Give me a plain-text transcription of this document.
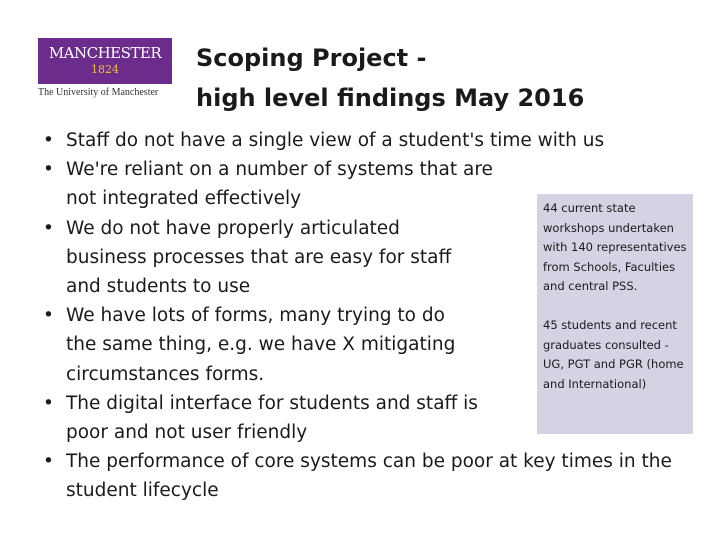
MANCHESTER
1824
The University of Manchester
Scoping Project -
high level findings May 2016
• Staff do not have a single view of a student's time with us
• We're reliant on a number of systems that are not integrated effectively
• We do not have properly articulated business processes that are easy for staff and students to use
• We have lots of forms, many trying to do the same thing, e.g. we have X mitigating circumstances forms.
• The digital interface for students and staff is poor and not user friendly
• The performance of core systems can be poor at key times in the student lifecycle

44 current state workshops undertaken with 140 representatives from Schools, Faculties and central PSS.

45 students and recent graduates consulted - UG, PGT and PGR (home and International)
